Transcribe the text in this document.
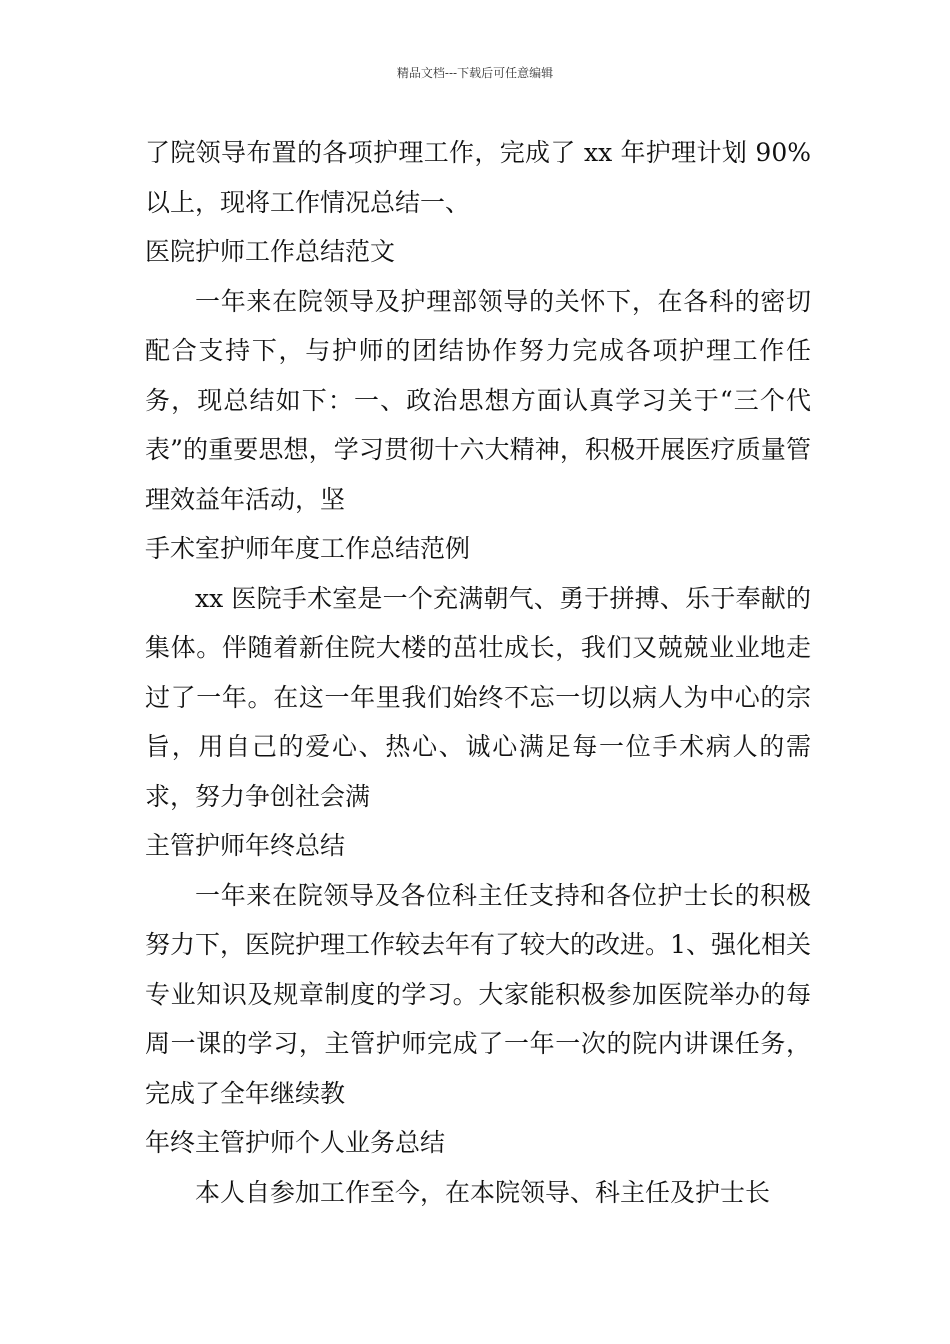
精品文档---下载后可任意编辑

了院领导布置的各项护理工作，完成了 xx 年护理计划 90%以上，现将工作情况总结一、

医院护师工作总结范文

一年来在院领导及护理部领导的关怀下，在各科的密切配合支持下，与护师的团结协作努力完成各项护理工作任务，现总结如下：一、政治思想方面认真学习关于“三个代表”的重要思想，学习贯彻十六大精神，积极开展医疗质量管理效益年活动，坚

手术室护师年度工作总结范例

xx 医院手术室是一个充满朝气、勇于拼搏、乐于奉献的集体。伴随着新住院大楼的茁壮成长，我们又兢兢业业地走过了一年。在这一年里我们始终不忘一切以病人为中心的宗旨，用自己的爱心、热心、诚心满足每一位手术病人的需求，努力争创社会满

主管护师年终总结

一年来在院领导及各位科主任支持和各位护士长的积极努力下，医院护理工作较去年有了较大的改进。1、强化相关专业知识及规章制度的学习。大家能积极参加医院举办的每周一课的学习，主管护师完成了一年一次的院内讲课任务，完成了全年继续教

年终主管护师个人业务总结

本人自参加工作至今，在本院领导、科主任及护士长
